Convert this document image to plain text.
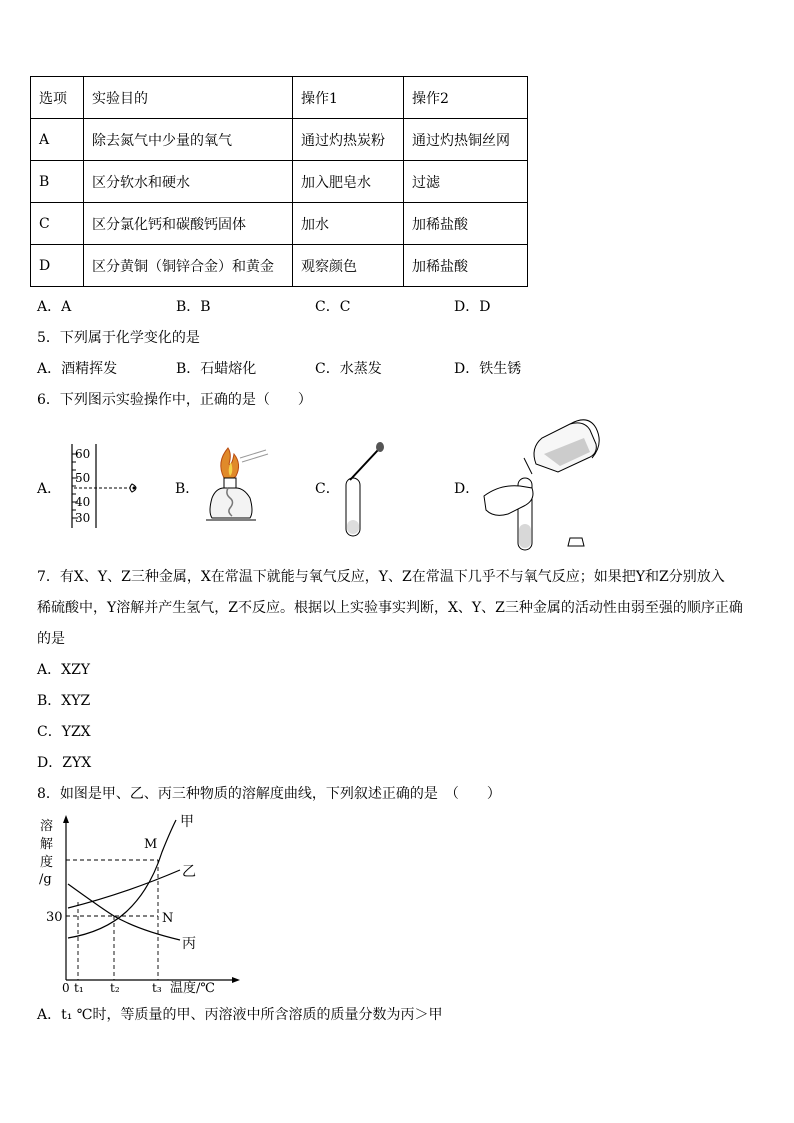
选项	实验目的	操作1	操作2
A	除去氮气中少量的氧气	通过灼热炭粉	通过灼热铜丝网
B	区分软水和硬水	加入肥皂水	过滤
C	区分氯化钙和碳酸钙固体	加水	加稀盐酸
D	区分黄铜（铜锌合金）和黄金	观察颜色	加稀盐酸
A．A	B．B	C．C	D．D
5．下列属于化学变化的是
A．酒精挥发	B．石蜡熔化	C．水蒸发	D．铁生锈
6．下列图示实验操作中，正确的是（　　）
A．
60
50
40
30
B．	C．	D．
7．有X、Y、Z三种金属，X在常温下就能与氧气反应，Y、Z在常温下几乎不与氧气反应；如果把Y和Z分别放入
稀硫酸中，Y溶解并产生氢气，Z不反应。根据以上实验事实判断，X、Y、Z三种金属的活动性由弱至强的顺序正确
的是
A．XZY
B．XYZ
C．YZX
D．ZYX
8．如图是甲、乙、丙三种物质的溶解度曲线，下列叙述正确的是　（　　）
溶
解
度
/g
甲
乙
丙
M
N
30
0 t₁ t₂	t₃ 温度/℃
A．t₁ ℃时，等质量的甲、丙溶液中所含溶质的质量分数为丙＞甲
